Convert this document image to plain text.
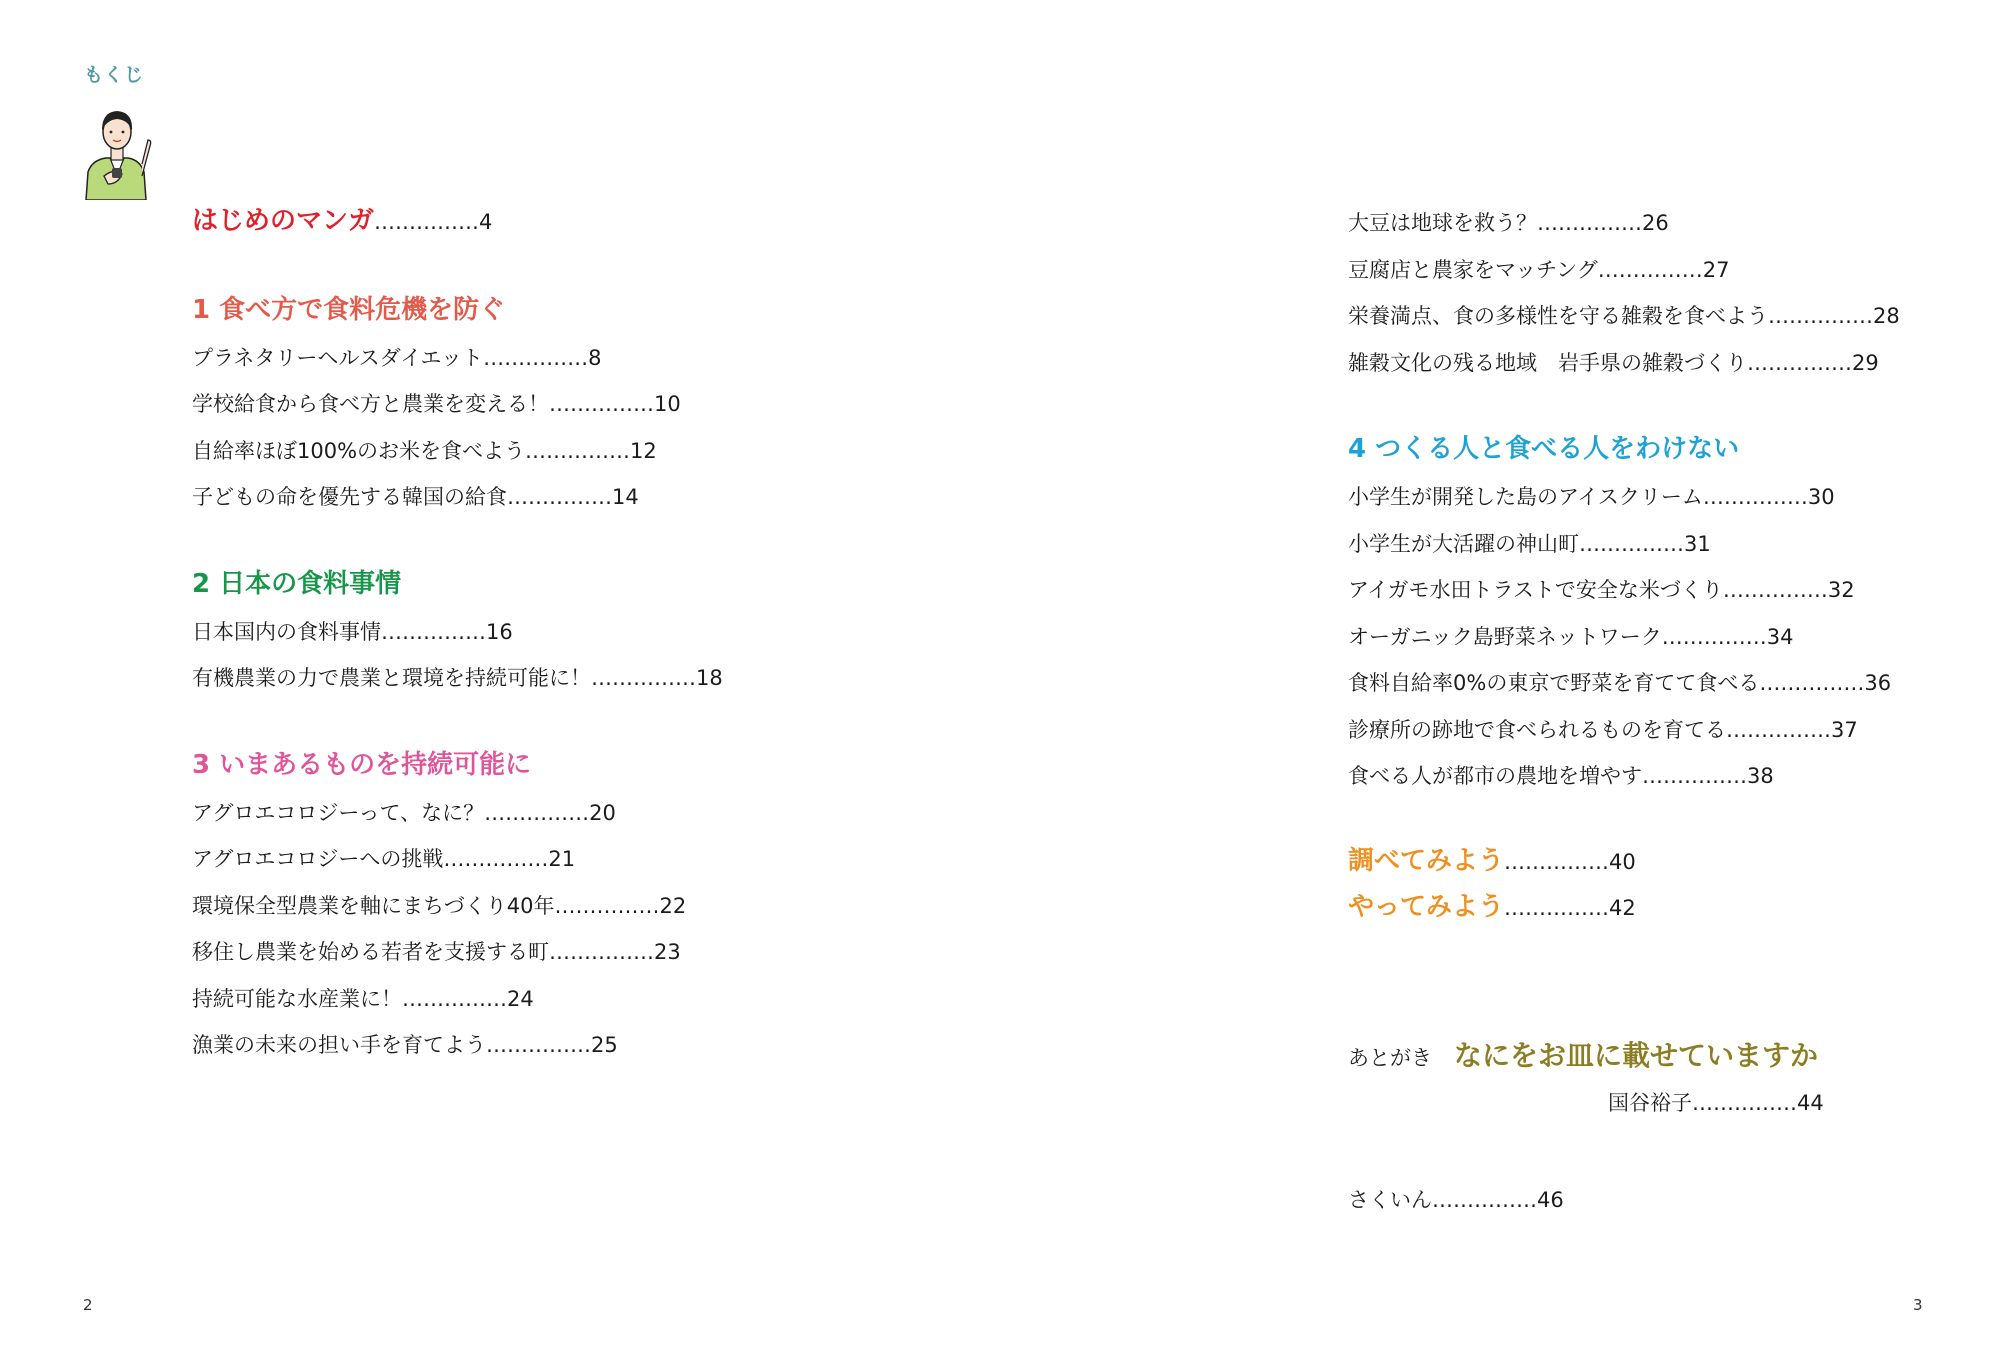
もくじ
はじめのマンガ……………4
1 食べ方で食料危機を防ぐ
プラネタリーヘルスダイエット……………8
学校給食から食べ方と農業を変える！……………10
自給率ほぼ100%のお米を食べよう……………12
子どもの命を優先する韓国の給食……………14
2 日本の食料事情
日本国内の食料事情……………16
有機農業の力で農業と環境を持続可能に！……………18
3 いまあるものを持続可能に
アグロエコロジーって、なに？……………20
アグロエコロジーへの挑戦……………21
環境保全型農業を軸にまちづくり40年……………22
移住し農業を始める若者を支援する町……………23
持続可能な水産業に！……………24
漁業の未来の担い手を育てよう……………25
2
大豆は地球を救う？……………26
豆腐店と農家をマッチング……………27
栄養満点、食の多様性を守る雑穀を食べよう……………28
雑穀文化の残る地域　岩手県の雑穀づくり……………29
4 つくる人と食べる人をわけない
小学生が開発した島のアイスクリーム……………30
小学生が大活躍の神山町……………31
アイガモ水田トラストで安全な米づくり……………32
オーガニック島野菜ネットワーク……………34
食料自給率0%の東京で野菜を育てて食べる……………36
診療所の跡地で食べられるものを育てる……………37
食べる人が都市の農地を増やす……………38
調べてみよう……………40
やってみよう……………42
あとがき なにをお皿に載せていますか
国谷裕子……………44
さくいん……………46
3
